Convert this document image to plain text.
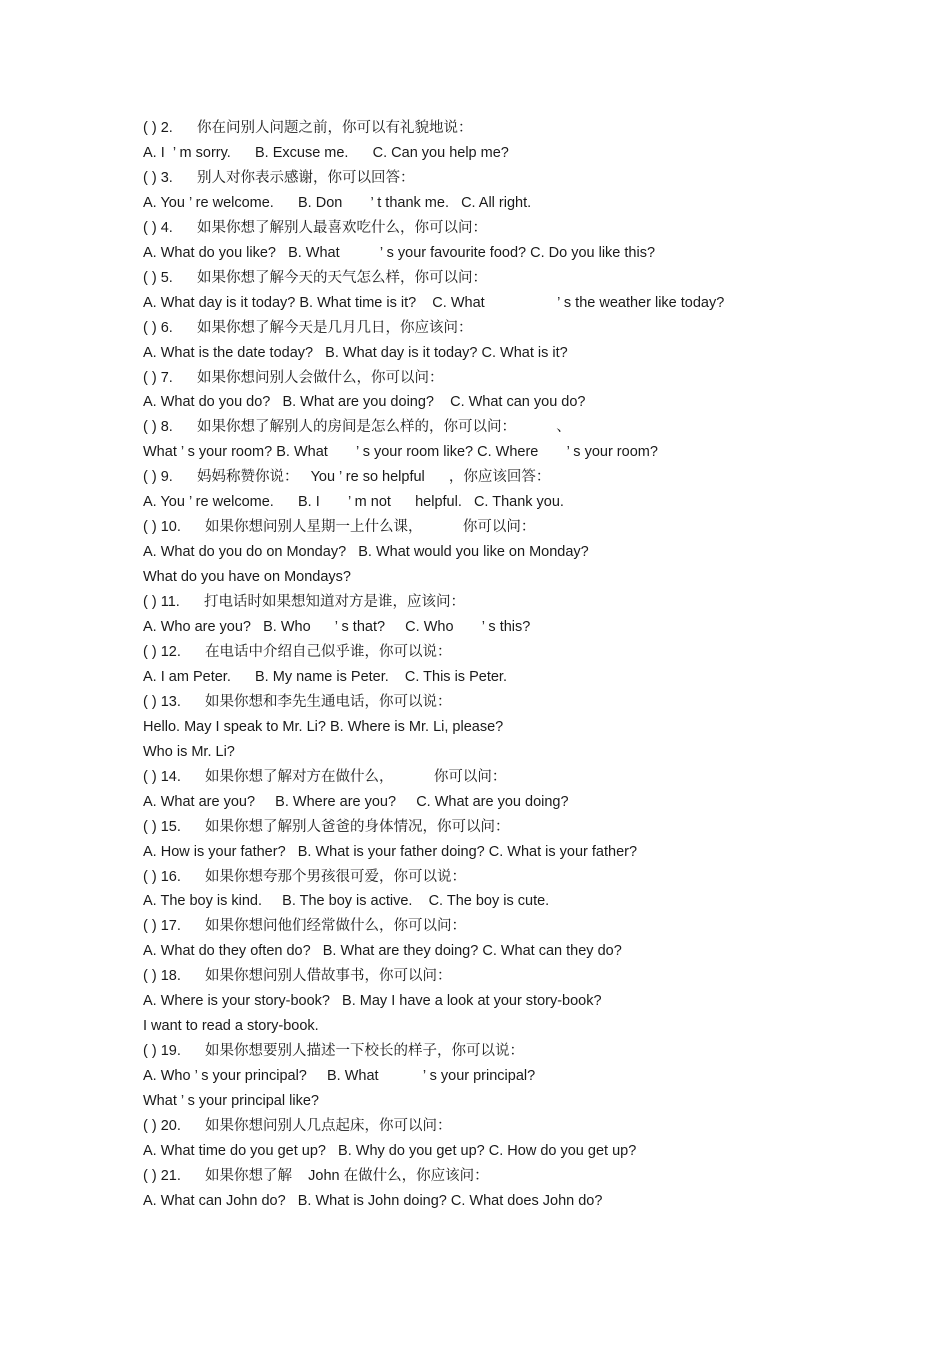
( ) 2.      你在问别人问题之前，你可以有礼貌地说：
A. I  ’ m sorry.      B. Excuse me.      C. Can you help me?
( ) 3.      别人对你表示感谢，你可以回答：
A. You ’ re welcome.      B. Don       ’ t thank me.   C. All right.
( ) 4.      如果你想了解别人最喜欢吃什么，你可以问：
A. What do you like?   B. What          ’ s your favourite food? C. Do you like this?
( ) 5.      如果你想了解今天的天气怎么样，你可以问：
A. What day is it today? B. What time is it?    C. What                  ’ s the weather like today?
( ) 6.      如果你想了解今天是几月几日，你应该问：
A. What is the date today?   B. What day is it today? C. What is it?
( ) 7.      如果你想问别人会做什么，你可以问：
A. What do you do?   B. What are you doing?    C. What can you do?
( ) 8.      如果你想了解别人的房间是怎么样的，你可以问：          、
What ’ s your room? B. What       ’ s your room like? C. Where       ’ s your room?
( ) 9.      妈妈称赞你说：   You ’ re so helpful      ，你应该回答：
A. You ’ re welcome.      B. I       ’ m not      helpful.   C. Thank you.
( ) 10.      如果你想问别人星期一上什么课，          你可以问：
A. What do you do on Monday?   B. What would you like on Monday?
What do you have on Mondays?
( ) 11.      打电话时如果想知道对方是谁，应该问：
A. Who are you?   B. Who      ’ s that?     C. Who       ’ s this?
( ) 12.      在电话中介绍自己似乎谁，你可以说：
A. I am Peter.      B. My name is Peter.    C. This is Peter.
( ) 13.      如果你想和李先生通电话，你可以说：
Hello. May I speak to Mr. Li? B. Where is Mr. Li, please?
Who is Mr. Li?
( ) 14.      如果你想了解对方在做什么，          你可以问：
A. What are you?     B. Where are you?     C. What are you doing?
( ) 15.      如果你想了解别人爸爸的身体情况，你可以问：
A. How is your father?   B. What is your father doing? C. What is your father?
( ) 16.      如果你想夸那个男孩很可爱，你可以说：
A. The boy is kind.     B. The boy is active.    C. The boy is cute.
( ) 17.      如果你想问他们经常做什么，你可以问：
A. What do they often do?   B. What are they doing? C. What can they do?
( ) 18.      如果你想问别人借故事书，你可以问：
A. Where is your story-book?   B. May I have a look at your story-book?
I want to read a story-book.
( ) 19.      如果你想要别人描述一下校长的样子，你可以说：
A. Who ’ s your principal?     B. What           ’ s your principal?
What ’ s your principal like?
( ) 20.      如果你想问别人几点起床，你可以问：
A. What time do you get up?   B. Why do you get up? C. How do you get up?
( ) 21.      如果你想了解    John 在做什么，你应该问：
A. What can John do?   B. What is John doing? C. What does John do?
